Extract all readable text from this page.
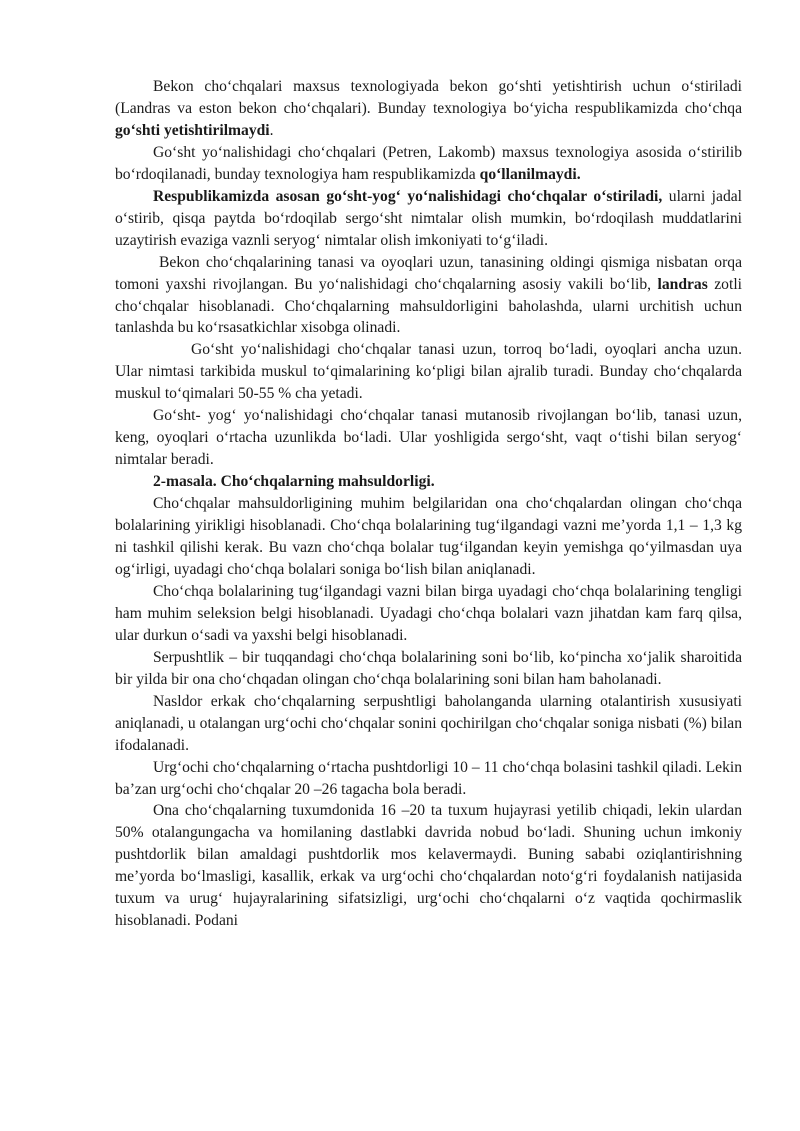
Bekon cho‘chqalari maxsus texnologiyada bekon go‘shti yetishtirish uchun o‘stiriladi (Landras va eston bekon cho‘chqalari). Bunday texnologiya bo‘yicha respublikamizda cho‘chqa go‘shti yetishtirilmaydi.

Go‘sht yo‘nalishidagi cho‘chqalari (Petren, Lakomb) maxsus texnologiya asosida o‘stirilib bo‘rdoqilanadi, bunday texnologiya ham respublikamizda qo‘llanilmaydi.

Respublikamizda asosan go‘sht-yog‘ yo‘nalishidagi cho‘chqalar o‘stiriladi, ularni jadal o‘stirib, qisqa paytda bo‘rdoqilab sergo‘sht nimtalar olish mumkin, bo‘rdoqilash muddatlarini uzaytirish evaziga vaznli seryog‘ nimtalar olish imkoniyati to‘g‘iladi.

Bekon cho‘chqalarining tanasi va oyoqlari uzun, tanasining oldingi qismiga nisbatan orqa tomoni yaxshi rivojlangan. Bu yo‘nalishidagi cho‘chqalarning asosiy vakili bo‘lib, landras zotli cho‘chqalar hisoblanadi. Cho‘chqalarning mahsuldorligini baholashda, ularni urchitish uchun tanlashda bu ko‘rsasatkichlar xisobga olinadi.

Go‘sht yo‘nalishidagi cho‘chqalar tanasi uzun, torroq bo‘ladi, oyoqlari ancha uzun. Ular nimtasi tarkibida muskul to‘qimalarining ko‘pligi bilan ajralib turadi. Bunday cho‘chqalarda muskul to‘qimalari 50-55 % cha yetadi.

Go‘sht- yog‘ yo‘nalishidagi cho‘chqalar tanasi mutanosib rivojlangan bo‘lib, tanasi uzun, keng, oyoqlari o‘rtacha uzunlikda bo‘ladi. Ular yoshligida sergo‘sht, vaqt o‘tishi bilan seryog‘ nimtalar beradi.

2-masala. Cho‘chqalarning mahsuldorligi.

Cho‘chqalar mahsuldorligining muhim belgilaridan ona cho‘chqalardan olingan cho‘chqa bolalarining yirikligi hisoblanadi. Cho‘chqa bolalarining tug‘ilgandagi vazni me’yorda 1,1 – 1,3 kg ni tashkil qilishi kerak. Bu vazn cho‘chqa bolalar tug‘ilgandan keyin yemishga qo‘yilmasdan uya og‘irligi, uyadagi cho‘chqa bolalari soniga bo‘lish bilan aniqlanadi.

Cho‘chqa bolalarining tug‘ilgandagi vazni bilan birga uyadagi cho‘chqa bolalarining tengligi ham muhim seleksion belgi hisoblanadi. Uyadagi cho‘chqa bolalari vazn jihatdan kam farq qilsa, ular durkun o‘sadi va yaxshi belgi hisoblanadi.

Serpushtlik – bir tuqqandagi cho‘chqa bolalarining soni bo‘lib, ko‘pincha xo‘jalik sharoitida bir yilda bir ona cho‘chqadan olingan cho‘chqa bolalarining soni bilan ham baholanadi.

Nasldor erkak cho‘chqalarning serpushtligi baholanganda ularning otalantirish xususiyati aniqlanadi, u otalangan urg‘ochi cho‘chqalar sonini qochirilgan cho‘chqalar soniga nisbati (%) bilan ifodalanadi.

Urg‘ochi cho‘chqalarning o‘rtacha pushtdorligi 10 – 11 cho‘chqa bolasini tashkil qiladi. Lekin ba’zan urg‘ochi cho‘chqalar 20 –26 tagacha bola beradi.

Ona cho‘chqalarning tuxumdonida 16 –20 ta tuxum hujayrasi yetilib chiqadi, lekin ulardan 50% otalangungacha va homilaning dastlabki davrida nobud bo‘ladi. Shuning uchun imkoniy pushtdorlik bilan amaldagi pushtdorlik mos kelavermaydi. Buning sababi oziqlantirishning me’yorda bo‘lmasligi, kasallik, erkak va urg‘ochi cho‘chqalardan noto‘g‘ri foydalanish natijasida tuxum va urug‘ hujayralarining sifatsizligi, urg‘ochi cho‘chqalarni o‘z vaqtida qochirmaslik hisoblanadi. Podani
